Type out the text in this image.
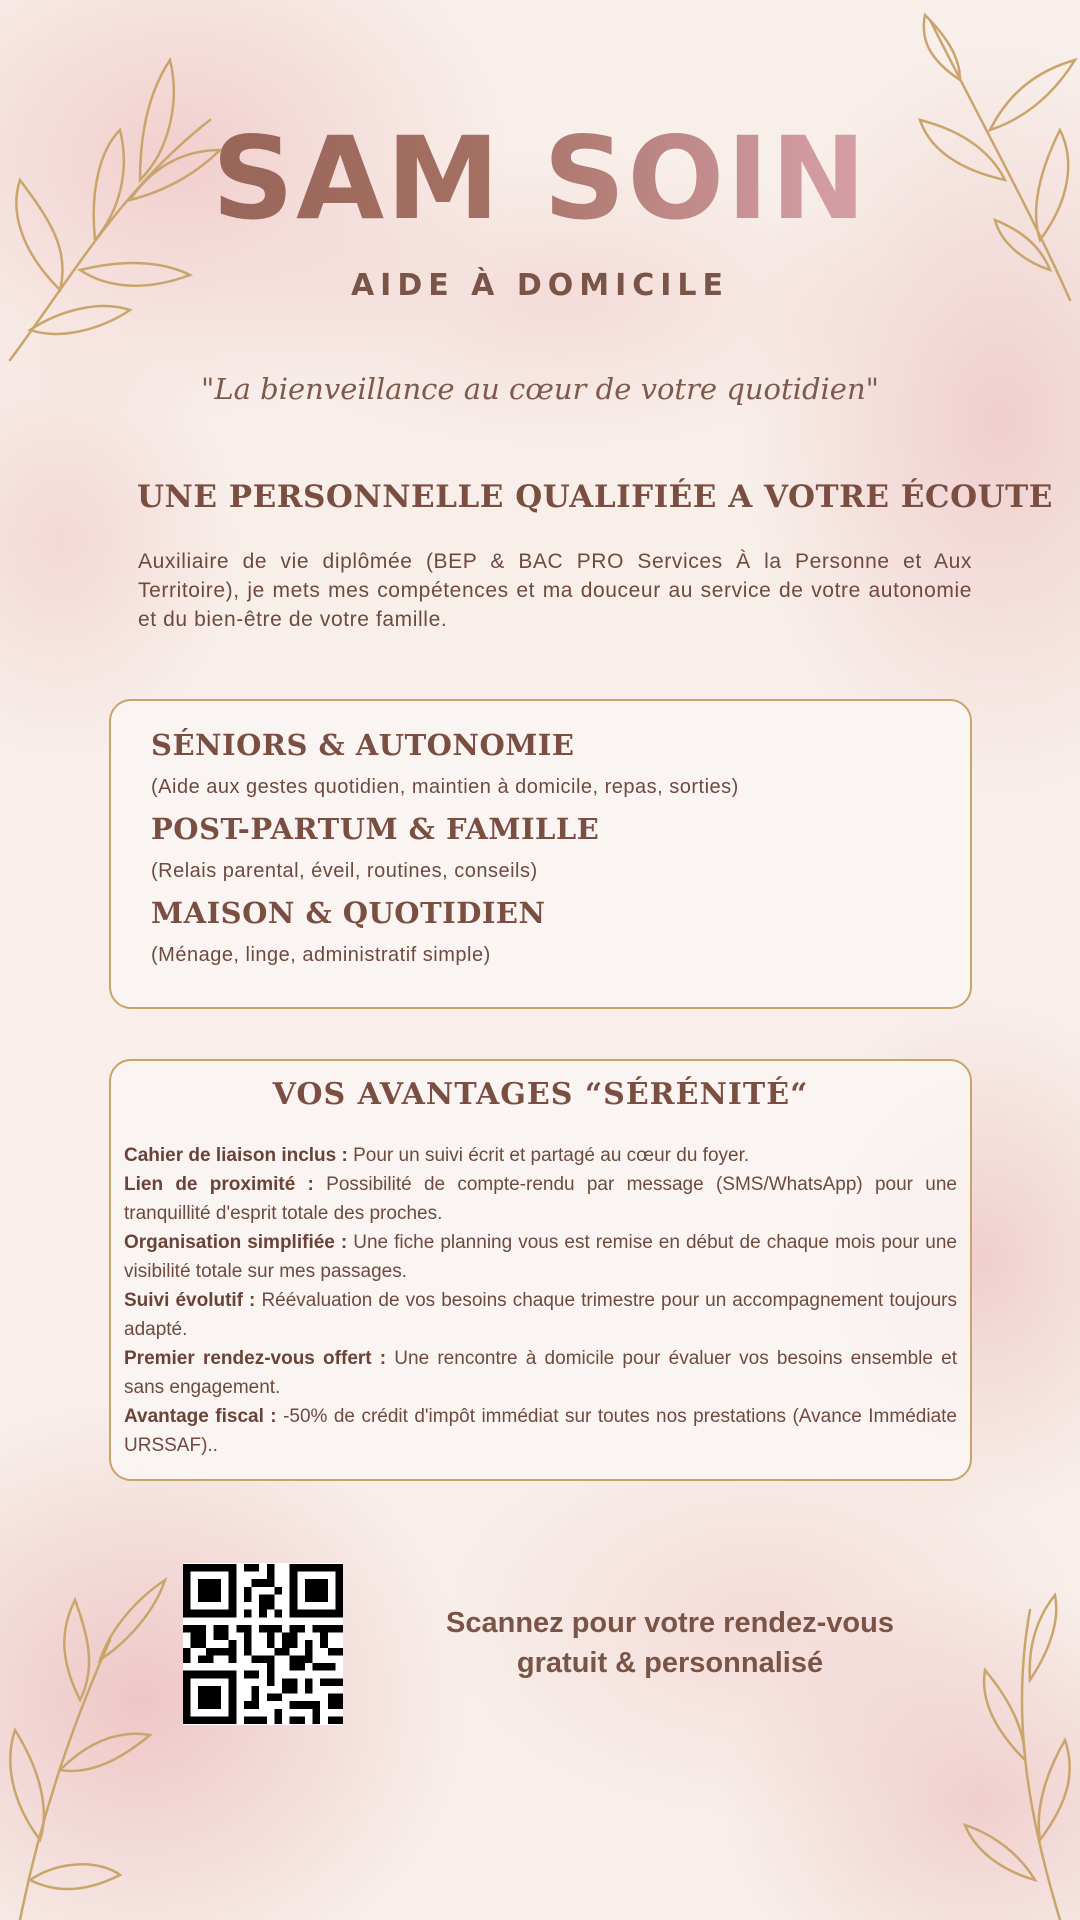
SAM SOIN
AIDE À DOMICILE
"La bienveillance au cœur de votre quotidien"
UNE PERSONNELLE QUALIFIÉE A VOTRE ÉCOUTE
Auxiliaire de vie diplômée (BEP & BAC PRO Services À la Personne et Aux Territoire), je mets mes compétences et ma douceur au service de votre autonomie et du bien-être de votre famille.
SÉNIORS & AUTONOMIE
(Aide aux gestes quotidien, maintien à domicile, repas, sorties)
POST-PARTUM & FAMILLE
(Relais parental, éveil, routines, conseils)
MAISON & QUOTIDIEN
(Ménage, linge, administratif simple)
VOS AVANTAGES “SÉRÉNITÉ“
Cahier de liaison inclus : Pour un suivi écrit et partagé au cœur du foyer.
Lien de proximité : Possibilité de compte-rendu par message (SMS/WhatsApp) pour une tranquillité d'esprit totale des proches.
Organisation simplifiée : Une fiche planning vous est remise en début de chaque mois pour une visibilité totale sur mes passages.
Suivi évolutif : Réévaluation de vos besoins chaque trimestre pour un accompagnement toujours adapté.
Premier rendez-vous offert : Une rencontre à domicile pour évaluer vos besoins ensemble et sans engagement.
Avantage fiscal : -50% de crédit d'impôt immédiat sur toutes nos prestations (Avance Immédiate URSSAF)..
Scannez pour votre rendez-vous
gratuit & personnalisé
